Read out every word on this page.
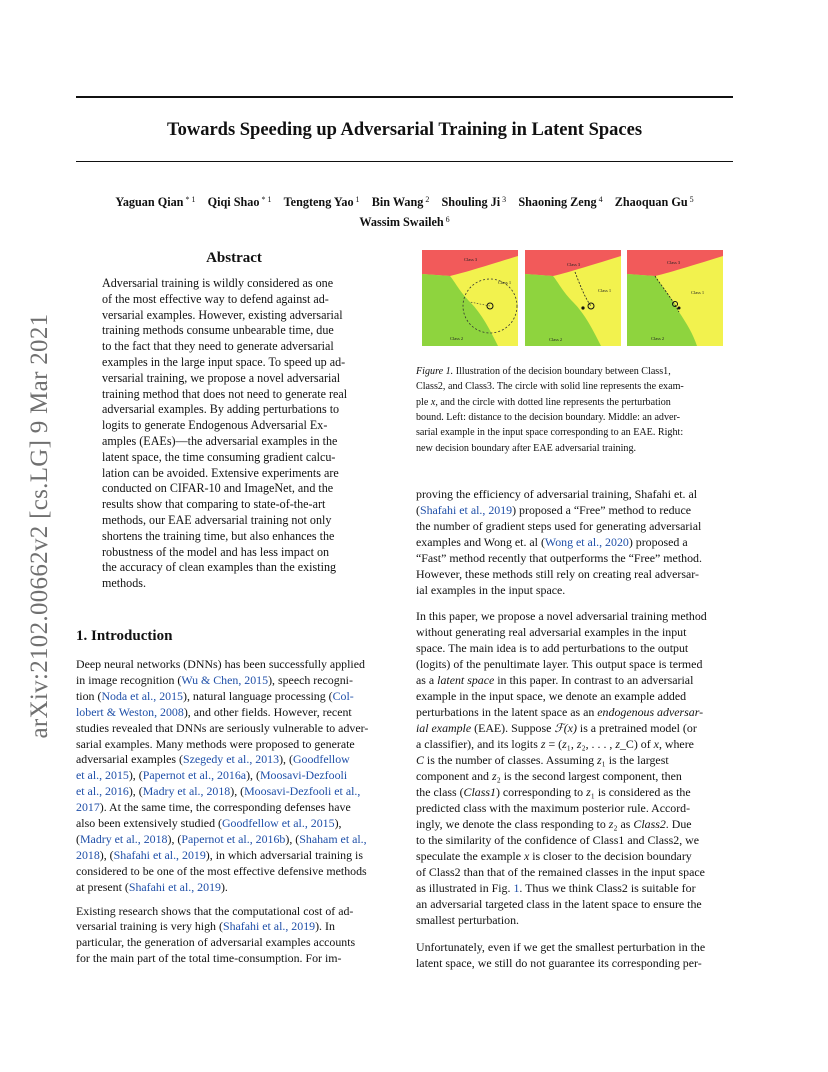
Towards Speeding up Adversarial Training in Latent Spaces
Yaguan Qian $^{* 1}$  Qiqi Shao $^{* 1}$  Tengteng Yao $^1$  Bin Wang $^2$  Shouling Ji $^3$  Shaoning Zeng $^4$  Zhaoquan Gu $^5$
Wassim Swaileh $^6$
arXiv:2102.00662v2 [cs.LG] 9 Mar 2021
Abstract
Adversarial training is wildly considered as one
of the most effective way to defend against ad-
versarial examples. However, existing adversarial
training methods consume unbearable time, due
to the fact that they need to generate adversarial
examples in the large input space. To speed up ad-
versarial training, we propose a novel adversarial
training method that does not need to generate real
adversarial examples. By adding perturbations to
logits to generate Endogenous Adversarial Ex-
amples (EAEs)—the adversarial examples in the
latent space, the time consuming gradient calcu-
lation can be avoided. Extensive experiments are
conducted on CIFAR-10 and ImageNet, and the
results show that comparing to state-of-the-art
methods, our EAE adversarial training not only
shortens the training time, but also enhances the
robustness of the model and has less impact on
the accuracy of clean examples than the existing
methods.
Class 3
Class 1
Class 2
Class 3
Class 1
Class 2
Class 3
Class 1
Class 2
Figure 1. Illustration of the decision boundary between Class1,
Class2, and Class3. The circle with solid line represents the exam-
ple x, and the circle with dotted line represents the perturbation
bound. Left: distance to the decision boundary. Middle: an adver-
sarial example in the input space corresponding to an EAE. Right:
new decision boundary after EAE adversarial training.
1. Introduction
Deep neural networks (DNNs) has been successfully applied
in image recognition (Wu & Chen, 2015), speech recogni-
tion (Noda et al., 2015), natural language processing (Col-
lobert & Weston, 2008), and other fields. However, recent
studies revealed that DNNs are seriously vulnerable to adver-
sarial examples. Many methods were proposed to generate
adversarial examples (Szegedy et al., 2013), (Goodfellow
et al., 2015), (Papernot et al., 2016a), (Moosavi-Dezfooli
et al., 2016), (Madry et al., 2018), (Moosavi-Dezfooli et al.,
2017). At the same time, the corresponding defenses have
also been extensively studied (Goodfellow et al., 2015),
(Madry et al., 2018), (Papernot et al., 2016b), (Shaham et al.,
2018), (Shafahi et al., 2019), in which adversarial training is
considered to be one of the most effective defensive methods
at present (Shafahi et al., 2019).
Existing research shows that the computational cost of ad-
versarial training is very high (Shafahi et al., 2019). In
particular, the generation of adversarial examples accounts
for the main part of the total time-consumption. For im-
proving the efficiency of adversarial training, Shafahi et. al
(Shafahi et al., 2019) proposed a “Free” method to reduce
the number of gradient steps used for generating adversarial
examples and Wong et. al (Wong et al., 2020) proposed a
“Fast” method recently that outperforms the “Free” method.
However, these methods still rely on creating real adversar-
ial examples in the input space.
In this paper, we propose a novel adversarial training method
without generating real adversarial examples in the input
space. The main idea is to add perturbations to the output
(logits) of the penultimate layer. This output space is termed
as a latent space in this paper. In contrast to an adversarial
example in the input space, we denote an example added
perturbations in the latent space as an endogenous adversar-
ial example (EAE). Suppose ℱ(x) is a pretrained model (or
a classifier), and its logits z = (z₁, z₂, . . . , z_C) of x, where
C is the number of classes. Assuming z₁ is the largest
component and z₂ is the second largest component, then
the class (Class1) corresponding to z₁ is considered as the
predicted class with the maximum posterior rule. Accord-
ingly, we denote the class responding to z₂ as Class2. Due
to the similarity of the confidence of Class1 and Class2, we
speculate the example x is closer to the decision boundary
of Class2 than that of the remained classes in the input space
as illustrated in Fig. 1. Thus we think Class2 is suitable for
an adversarial targeted class in the latent space to ensure the
smallest perturbation.
Unfortunately, even if we get the smallest perturbation in the
latent space, we still do not guarantee its corresponding per-
